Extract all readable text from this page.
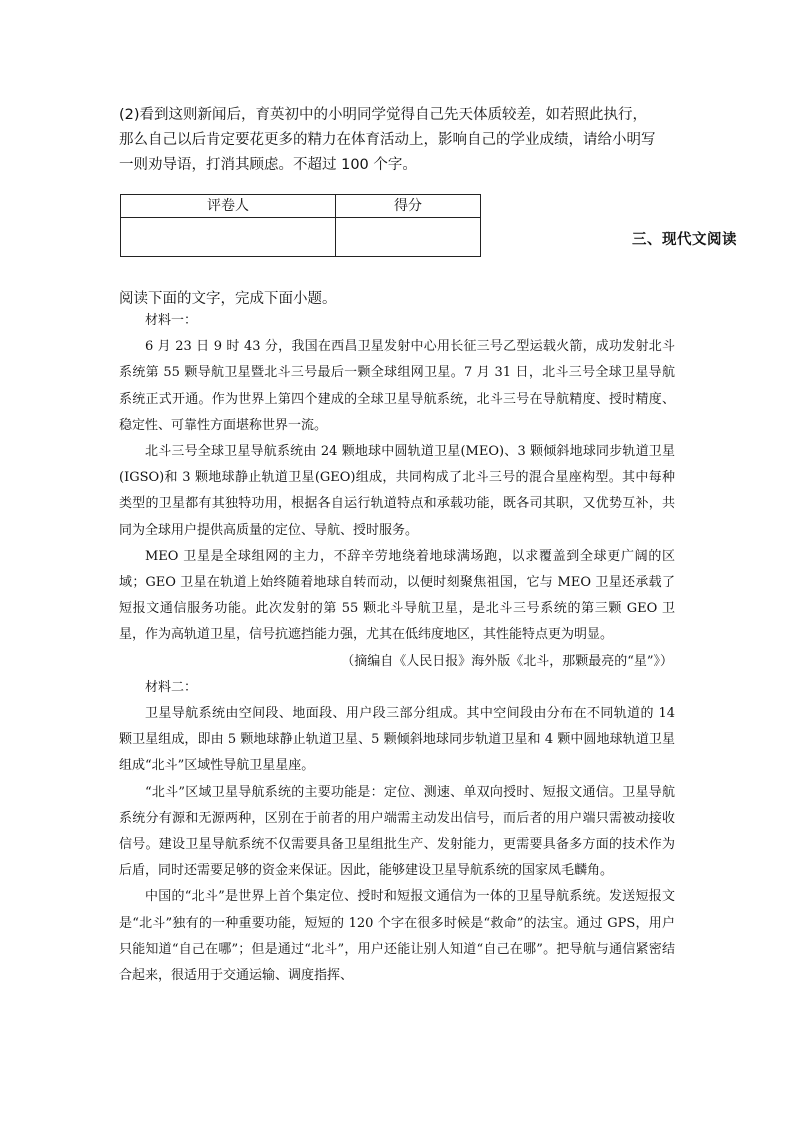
(2)看到这则新闻后，育英初中的小明同学觉得自己先天体质较差，如若照此执行，

那么自己以后肯定要花更多的精力在体育活动上，影响自己的学业成绩，请给小明写

一则劝导语，打消其顾虑。不超过 100 个字。

评卷人	得分

三、现代文阅读
阅读下面的文字，完成下面小题。

材料一：

6 月 23 日 9 时 43 分，我国在西昌卫星发射中心用长征三号乙型运载火箭，成功发射北斗系统第 55 颗导航卫星暨北斗三号最后一颗全球组网卫星。7 月 31 日，北斗三号全球卫星导航系统正式开通。作为世界上第四个建成的全球卫星导航系统，北斗三号在导航精度、授时精度、稳定性、可靠性方面堪称世界一流。

北斗三号全球卫星导航系统由 24 颗地球中圆轨道卫星(MEO)、3 颗倾斜地球同步轨道卫星(IGSO)和 3 颗地球静止轨道卫星(GEO)组成，共同构成了北斗三号的混合星座构型。其中每种类型的卫星都有其独特功用，根据各自运行轨道特点和承载功能，既各司其职，又优势互补，共同为全球用户提供高质量的定位、导航、授时服务。

MEO 卫星是全球组网的主力，不辞辛劳地绕着地球满场跑，以求覆盖到全球更广阔的区域；GEO 卫星在轨道上始终随着地球自转而动，以便时刻聚焦祖国，它与 MEO 卫星还承载了短报文通信服务功能。此次发射的第 55 颗北斗导航卫星，是北斗三号系统的第三颗 GEO 卫星，作为高轨道卫星，信号抗遮挡能力强，尤其在低纬度地区，其性能特点更为明显。

（摘编自《人民日报》海外版《北斗，那颗最亮的“星”》）

材料二：

卫星导航系统由空间段、地面段、用户段三部分组成。其中空间段由分布在不同轨道的 14 颗卫星组成，即由 5 颗地球静止轨道卫星、5 颗倾斜地球同步轨道卫星和 4 颗中圆地球轨道卫星组成“北斗”区域性导航卫星星座。

“北斗”区域卫星导航系统的主要功能是：定位、测速、单双向授时、短报文通信。卫星导航系统分有源和无源两种，区别在于前者的用户端需主动发出信号，而后者的用户端只需被动接收信号。建设卫星导航系统不仅需要具备卫星组批生产、发射能力，更需要具备多方面的技术作为后盾，同时还需要足够的资金来保证。因此，能够建设卫星导航系统的国家凤毛麟角。

中国的“北斗”是世界上首个集定位、授时和短报文通信为一体的卫星导航系统。发送短报文是“北斗”独有的一种重要功能，短短的 120 个字在很多时候是“救命”的法宝。通过 GPS，用户只能知道“自己在哪”；但是通过“北斗”，用户还能让别人知道“自己在哪”。把导航与通信紧密结合起来，很适用于交通运输、调度指挥、
